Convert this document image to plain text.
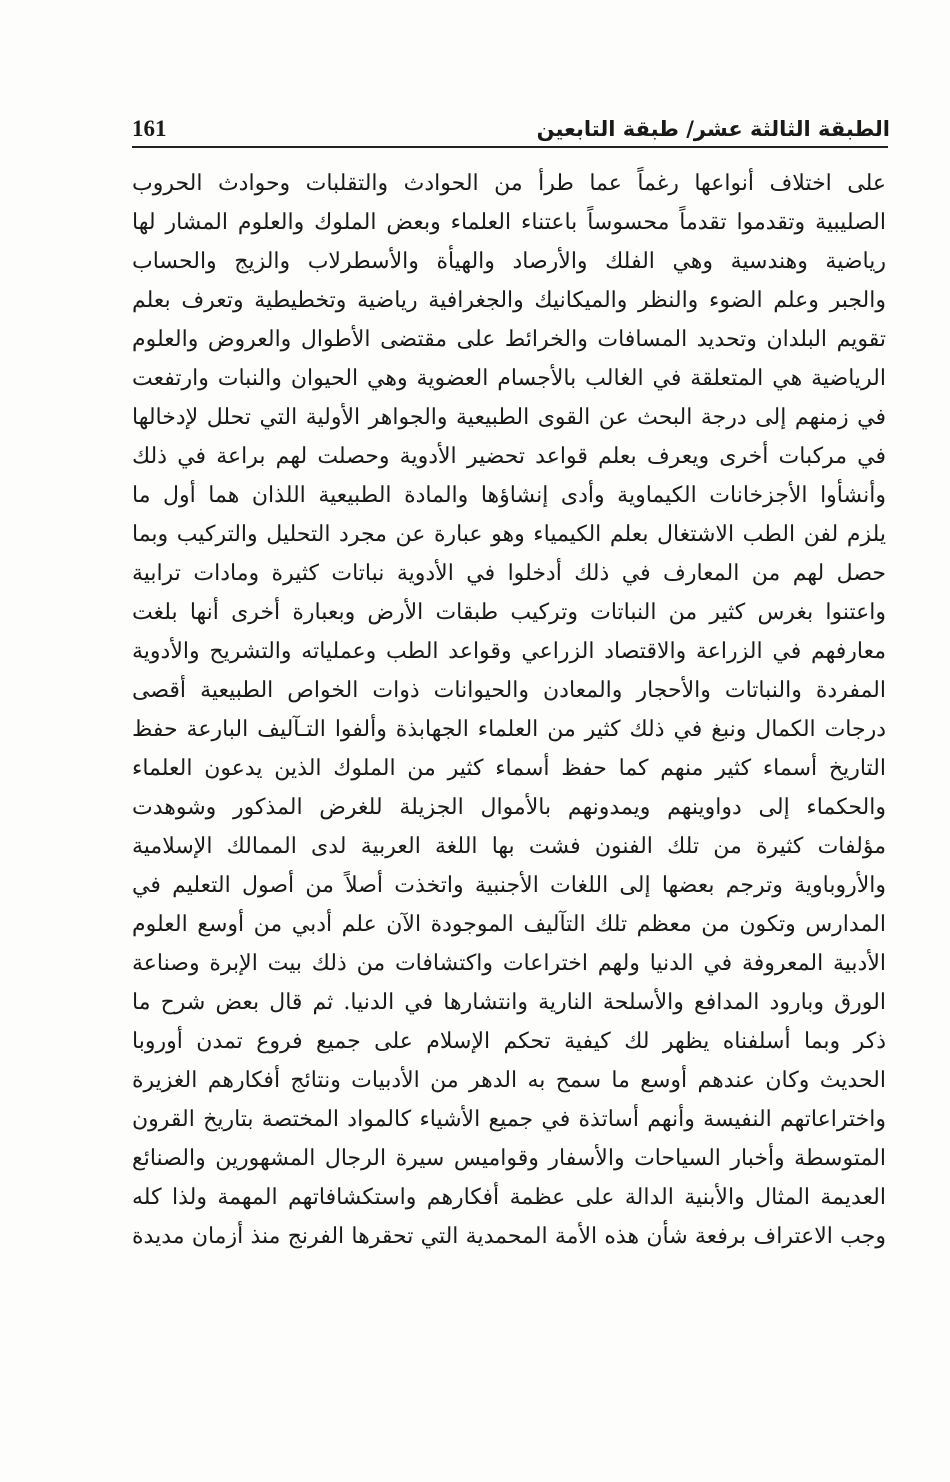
الطبقة الثالثة عشر/ طبقة التابعين
161
على اختلاف أنواعها رغماً عما طرأ من الحوادث والتقلبات وحوادث الحروب
الصليبية وتقدموا تقدماً محسوساً باعتناء العلماء وبعض الملوك والعلوم المشار لها
رياضية وهندسية وهي الفلك والأرصاد والهيأة والأسطرلاب والزيج والحساب
والجبر وعلم الضوء والنظر والميكانيك والجغرافية رياضية وتخطيطية وتعرف بعلم
تقويم البلدان وتحديد المسافات والخرائط على مقتضى الأطوال والعروض والعلوم
الرياضية هي المتعلقة في الغالب بالأجسام العضوية وهي الحيوان والنبات وارتفعت
في زمنهم إلى درجة البحث عن القوى الطبيعية والجواهر الأولية التي تحلل لإدخالها
في مركبات أخرى ويعرف بعلم قواعد تحضير الأدوية وحصلت لهم براعة في ذلك
وأنشأوا الأجزخانات الكيماوية وأدى إنشاؤها والمادة الطبيعية اللذان هما أول ما
يلزم لفن الطب الاشتغال بعلم الكيمياء وهو عبارة عن مجرد التحليل والتركيب وبما
حصل لهم من المعارف في ذلك أدخلوا في الأدوية نباتات كثيرة ومادات ترابية
واعتنوا بغرس كثير من النباتات وتركيب طبقات الأرض وبعبارة أخرى أنها بلغت
معارفهم في الزراعة والاقتصاد الزراعي وقواعد الطب وعملياته والتشريح والأدوية
المفردة والنباتات والأحجار والمعادن والحيوانات ذوات الخواص الطبيعية أقصى
درجات الكمال ونبغ في ذلك كثير من العلماء الجهابذة وألفوا التـآليف البارعة حفظ
التاريخ أسماء كثير منهم كما حفظ أسماء كثير من الملوك الذين يدعون العلماء
والحكماء إلى دواوينهم ويمدونهم بالأموال الجزيلة للغرض المذكور وشوهدت
مؤلفات كثيرة من تلك الفنون فشت بها اللغة العربية لدى الممالك الإسلامية
والأروباوية وترجم بعضها إلى اللغات الأجنبية واتخذت أصلاً من أصول التعليم في
المدارس وتكون من معظم تلك التآليف الموجودة الآن علم أدبي من أوسع العلوم
الأدبية المعروفة في الدنيا ولهم اختراعات واكتشافات من ذلك بيت الإبرة وصناعة
الورق وبارود المدافع والأسلحة النارية وانتشارها في الدنيا. ثم قال بعض شرح ما
ذكر وبما أسلفناه يظهر لك كيفية تحكم الإسلام على جميع فروع تمدن أوروبا
الحديث وكان عندهم أوسع ما سمح به الدهر من الأدبيات ونتائج أفكارهم الغزيرة
واختراعاتهم النفيسة وأنهم أساتذة في جميع الأشياء كالمواد المختصة بتاريخ القرون
المتوسطة وأخبار السياحات والأسفار وقواميس سيرة الرجال المشهورين والصنائع
العديمة المثال والأبنية الدالة على عظمة أفكارهم واستكشافاتهم المهمة ولذا كله
وجب الاعتراف برفعة شأن هذه الأمة المحمدية التي تحقرها الفرنج منذ أزمان مديدة
